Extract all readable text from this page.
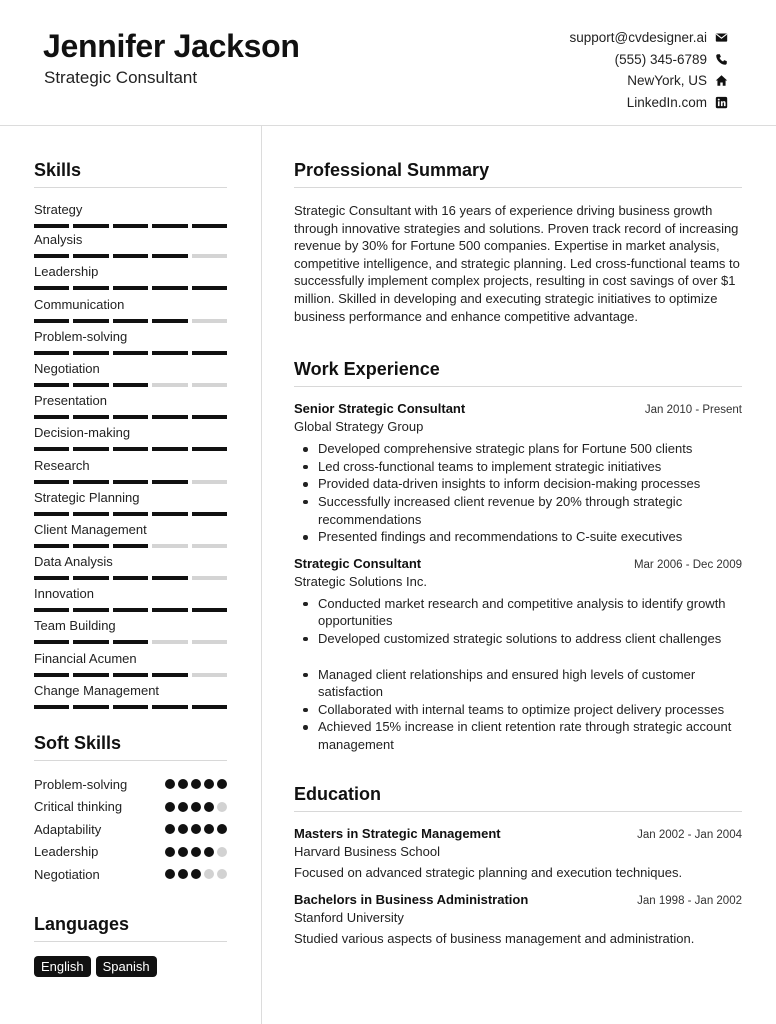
Jennifer Jackson
Strategic Consultant
support@cvdesigner.ai
(555) 345-6789
NewYork, US
LinkedIn.com
Skills
Strategy
Analysis
Leadership
Communication
Problem-solving
Negotiation
Presentation
Decision-making
Research
Strategic Planning
Client Management
Data Analysis
Innovation
Team Building
Financial Acumen
Change Management
Soft Skills
Problem-solving
Critical thinking
Adaptability
Leadership
Negotiation
Languages
English	Spanish
Professional Summary

Strategic Consultant with 16 years of experience driving business growth through innovative strategies and solutions. Proven track record of increasing revenue by 30% for Fortune 500 companies. Expertise in market analysis, competitive intelligence, and strategic planning. Led cross-functional teams to successfully implement complex projects, resulting in cost savings of over $1 million. Skilled in developing and executing strategic initiatives to optimize business performance and enhance competitive advantage.

Work Experience
Senior Strategic Consultant	Jan 2010 - Present
Global Strategy Group
Developed comprehensive strategic plans for Fortune 500 clients
Led cross-functional teams to implement strategic initiatives
Provided data-driven insights to inform decision-making processes
Successfully increased client revenue by 20% through strategic recommendations
Presented findings and recommendations to C-suite executives
Strategic Consultant	Mar 2006 - Dec 2009
Strategic Solutions Inc.
Conducted market research and competitive analysis to identify growth opportunities
Developed customized strategic solutions to address client challenges
Managed client relationships and ensured high levels of customer satisfaction
Collaborated with internal teams to optimize project delivery processes
Achieved 15% increase in client retention rate through strategic account management
Education
Masters in Strategic Management	Jan 2002 - Jan 2004
Harvard Business School
Focused on advanced strategic planning and execution techniques.
Bachelors in Business Administration	Jan 1998 - Jan 2002
Stanford University
Studied various aspects of business management and administration.
